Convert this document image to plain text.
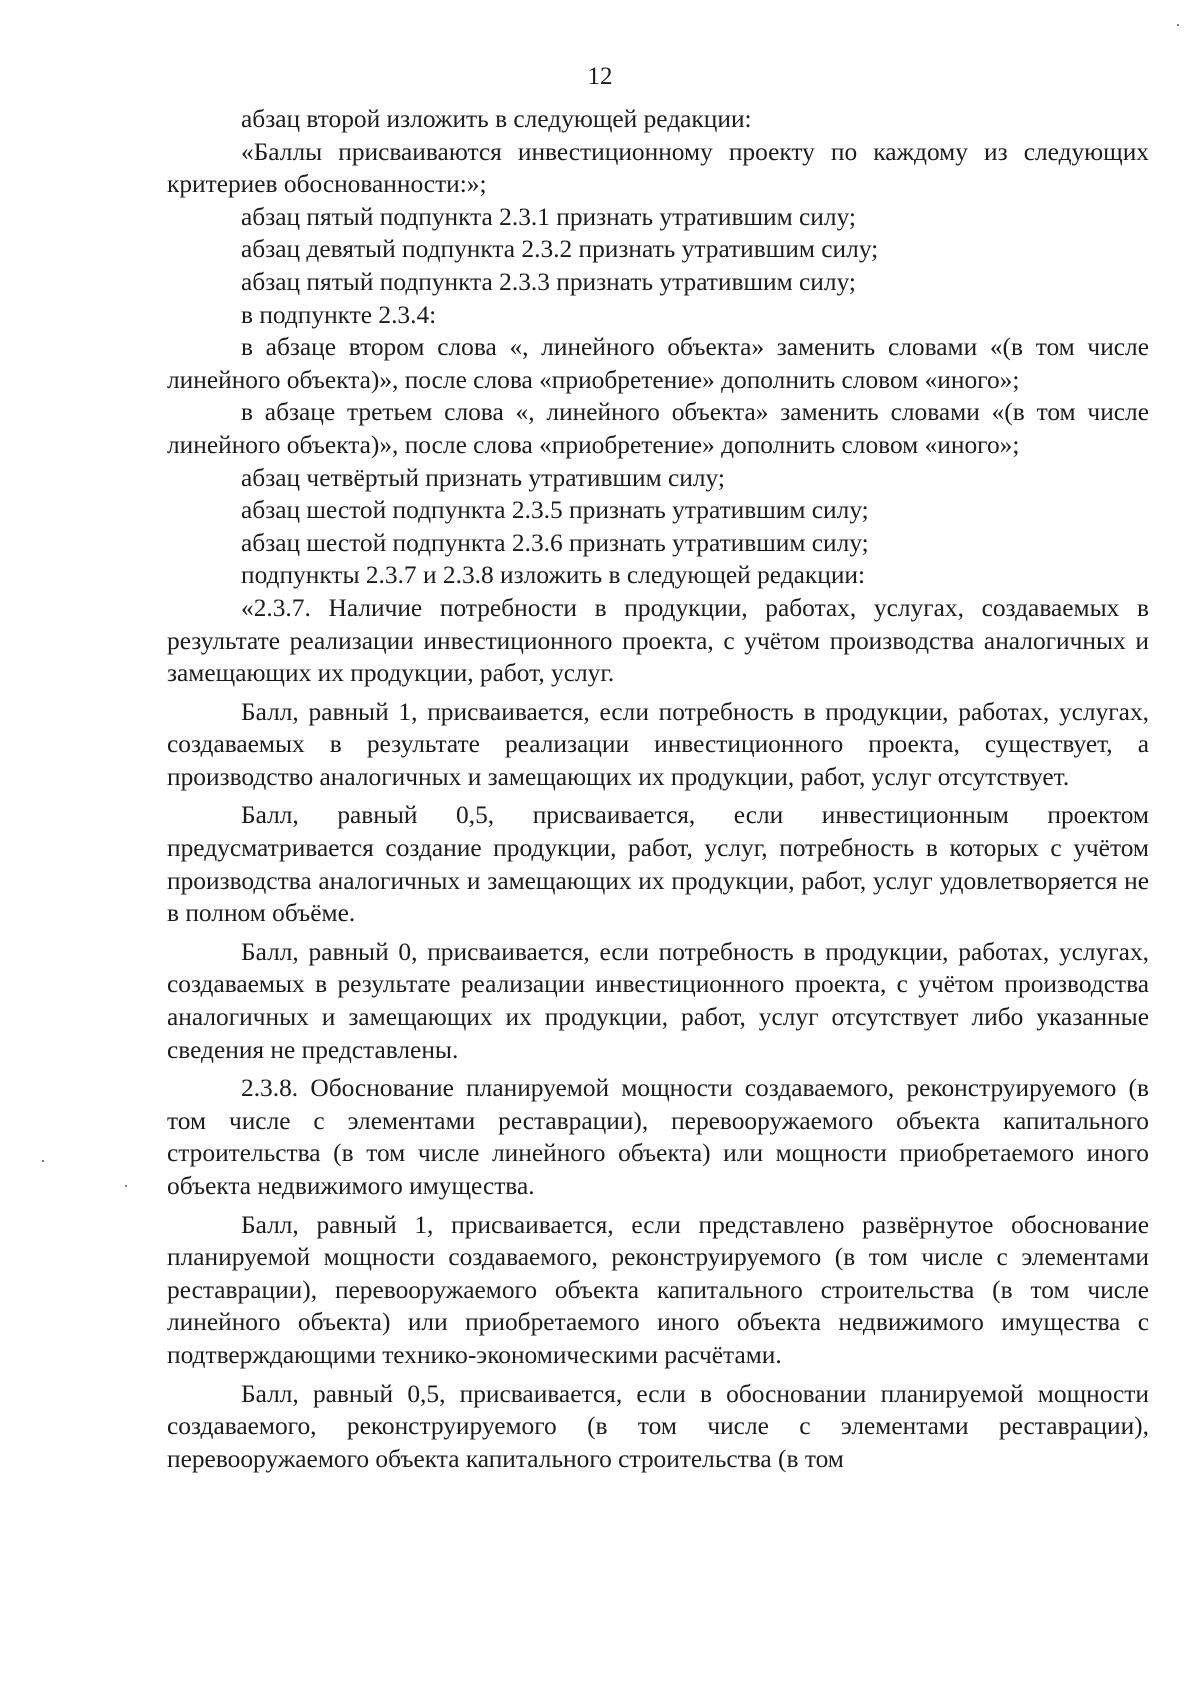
12

абзац второй изложить в следующей редакции:

«Баллы присваиваются инвестиционному проекту по каждому из следующих критериев обоснованности:»;

абзац пятый подпункта 2.3.1 признать утратившим силу;

абзац девятый подпункта 2.3.2 признать утратившим силу;

абзац пятый подпункта 2.3.3 признать утратившим силу;

в подпункте 2.3.4:

в абзаце втором слова «, линейного объекта» заменить словами «(в том числе линейного объекта)», после слова «приобретение» дополнить словом «иного»;

в абзаце третьем слова «, линейного объекта» заменить словами «(в том числе линейного объекта)», после слова «приобретение» дополнить словом «иного»;

абзац четвёртый признать утратившим силу;

абзац шестой подпункта 2.3.5 признать утратившим силу;

абзац шестой подпункта 2.3.6 признать утратившим силу;

подпункты 2.3.7 и 2.3.8 изложить в следующей редакции:

«2.3.7. Наличие потребности в продукции, работах, услугах, создаваемых в результате реализации инвестиционного проекта, с учётом производства аналогичных и замещающих их продукции, работ, услуг.

Балл, равный 1, присваивается, если потребность в продукции, работах, услугах, создаваемых в результате реализации инвестиционного проекта, существует, а производство аналогичных и замещающих их продукции, работ, услуг отсутствует.

Балл, равный 0,5, присваивается, если инвестиционным проектом предусматривается создание продукции, работ, услуг, потребность в которых с учётом производства аналогичных и замещающих их продукции, работ, услуг удовлетворяется не в полном объёме.

Балл, равный 0, присваивается, если потребность в продукции, работах, услугах, создаваемых в результате реализации инвестиционного проекта, с учётом производства аналогичных и замещающих их продукции, работ, услуг отсутствует либо указанные сведения не представлены.

2.3.8. Обоснование планируемой мощности создаваемого, реконструируемого (в том числе с элементами реставрации), перевооружаемого объекта капитального строительства (в том числе линейного объекта) или мощности приобретаемого иного объекта недвижимого имущества.

Балл, равный 1, присваивается, если представлено развёрнутое обоснование планируемой мощности создаваемого, реконструируемого (в том числе с элементами реставрации), перевооружаемого объекта капитального строительства (в том числе линейного объекта) или приобретаемого иного объекта недвижимого имущества с подтверждающими технико-экономическими расчётами.

Балл, равный 0,5, присваивается, если в обосновании планируемой мощности создаваемого, реконструируемого (в том числе с элементами реставрации), перевооружаемого объекта капитального строительства (в том
